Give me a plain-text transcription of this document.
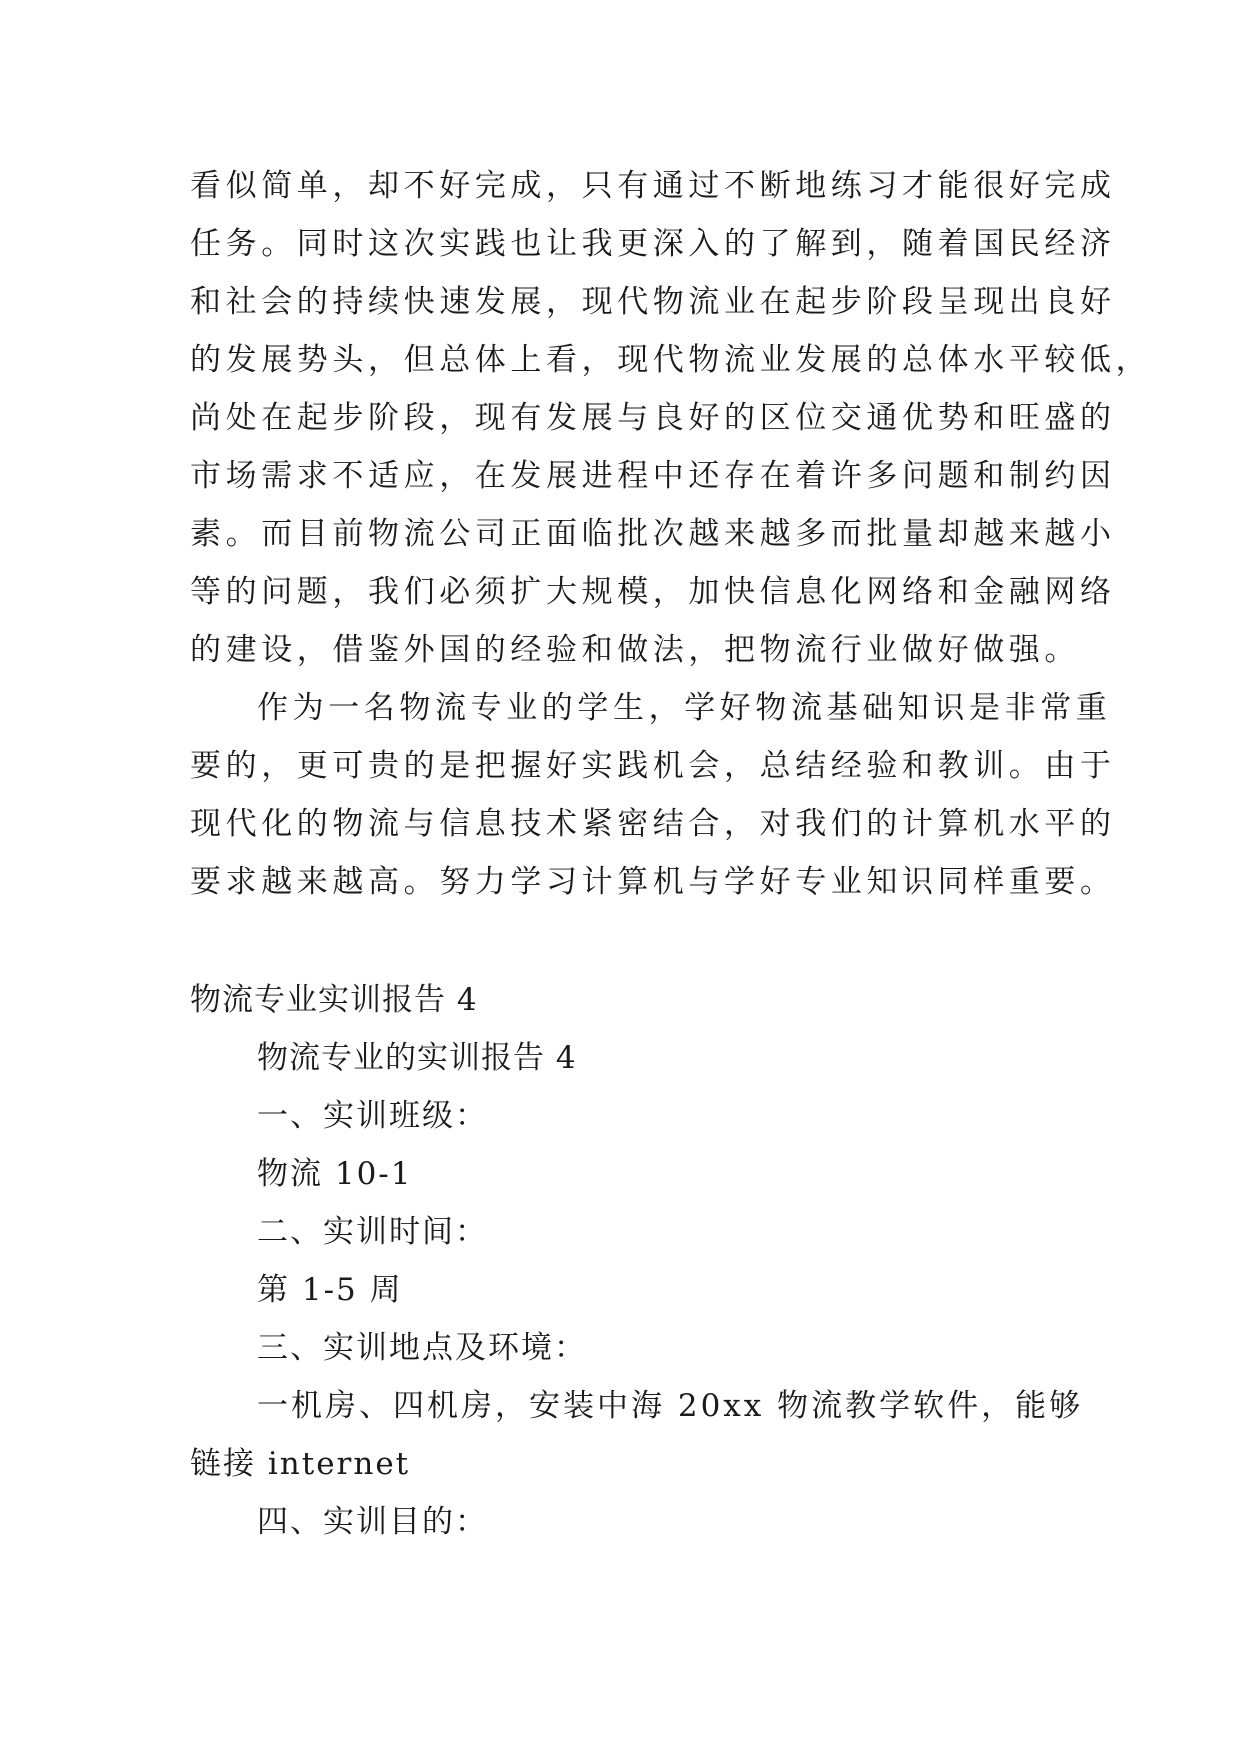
看似简单，却不好完成，只有通过不断地练习才能很好完成
任务。同时这次实践也让我更深入的了解到，随着国民经济
和社会的持续快速发展，现代物流业在起步阶段呈现出良好
的发展势头，但总体上看，现代物流业发展的总体水平较低，
尚处在起步阶段，现有发展与良好的区位交通优势和旺盛的
市场需求不适应，在发展进程中还存在着许多问题和制约因
素。而目前物流公司正面临批次越来越多而批量却越来越小
等的问题，我们必须扩大规模，加快信息化网络和金融网络
的建设，借鉴外国的经验和做法，把物流行业做好做强。
作为一名物流专业的学生，学好物流基础知识是非常重
要的，更可贵的是把握好实践机会，总结经验和教训。由于
现代化的物流与信息技术紧密结合，对我们的计算机水平的
要求越来越高。努力学习计算机与学好专业知识同样重要。
物流专业实训报告 4
物流专业的实训报告 4
一、实训班级：
物流 10-1
二、实训时间：
第 1-5 周
三、实训地点及环境：
一机房、四机房，安装中海 20xx 物流教学软件，能够
链接 internet
四、实训目的：
